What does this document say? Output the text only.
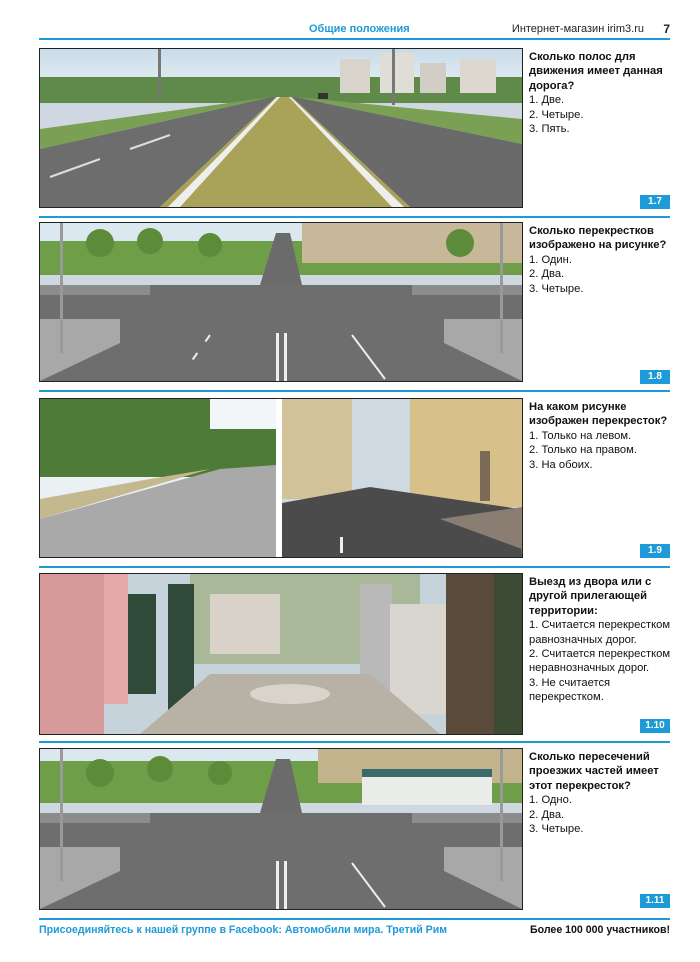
Общие положения	Интернет-магазин irim3.ru 7

Сколько полос для движения имеет данная дорога?

1. Две.

2. Четыре.

3. Пять.

1.7

Сколько перекрестков изображено на рисунке?

1. Один.

2. Два.

3. Четыре.

1.8

На каком рисунке изображен перекресток?

1. Только на левом.

2. Только на правом.

3. На обоих.

1.9

Выезд из двора или с другой прилегающей территории:

1. Считается перекрестком равнозначных дорог.

2. Считается перекрестком неравнозначных дорог.

3. Не считается перекрестком.

1.10

Сколько пересечений проезжих частей имеет этот перекресток?

1. Одно.

2. Два.

3. Четыре.

1.11
Присоединяйтесь к нашей группе в Facebook: Автомобили мира. Третий Рим	Более 100 000 участников!
